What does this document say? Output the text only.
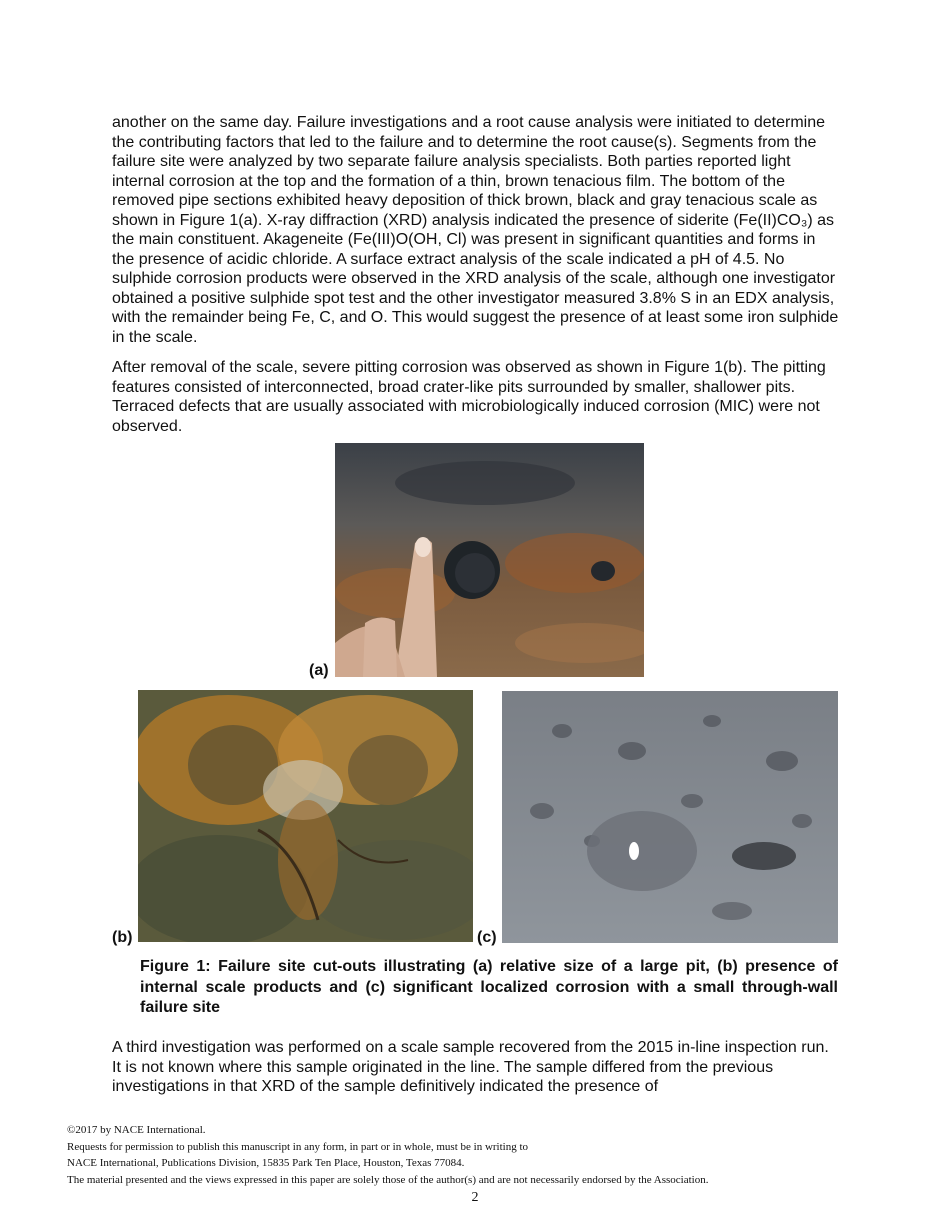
another on the same day. Failure investigations and a root cause analysis were initiated to determine the contributing factors that led to the failure and to determine the root cause(s). Segments from the failure site were analyzed by two separate failure analysis specialists. Both parties reported light internal corrosion at the top and the formation of a thin, brown tenacious film. The bottom of the removed pipe sections exhibited heavy deposition of thick brown, black and gray tenacious scale as shown in Figure 1(a). X-ray diffraction (XRD) analysis indicated the presence of siderite (Fe(II)CO₃) as the main constituent. Akageneite (Fe(III)O(OH, Cl) was present in significant quantities and forms in the presence of acidic chloride. A surface extract analysis of the scale indicated a pH of 4.5. No sulphide corrosion products were observed in the XRD analysis of the scale, although one investigator obtained a positive sulphide spot test and the other investigator measured 3.8% S in an EDX analysis, with the remainder being Fe, C, and O. This would suggest the presence of at least some iron sulphide in the scale.

After removal of the scale, severe pitting corrosion was observed as shown in Figure 1(b). The pitting features consisted of interconnected, broad crater-like pits surrounded by smaller, shallower pits. Terraced defects that are usually associated with microbiologically induced corrosion (MIC) were not observed.

(a)
(b)	(c)

Figure 1: Failure site cut-outs illustrating (a) relative size of a large pit, (b) presence of internal scale products and (c) significant localized corrosion with a small through-wall failure site

A third investigation was performed on a scale sample recovered from the 2015 in-line inspection run. It is not known where this sample originated in the line. The sample differed from the previous investigations in that XRD of the sample definitively indicated the presence of

©2017 by NACE International.
Requests for permission to publish this manuscript in any form, in part or in whole, must be in writing to
NACE International, Publications Division, 15835 Park Ten Place, Houston, Texas 77084.
The material presented and the views expressed in this paper are solely those of the author(s) and are not necessarily endorsed by the Association.
2
